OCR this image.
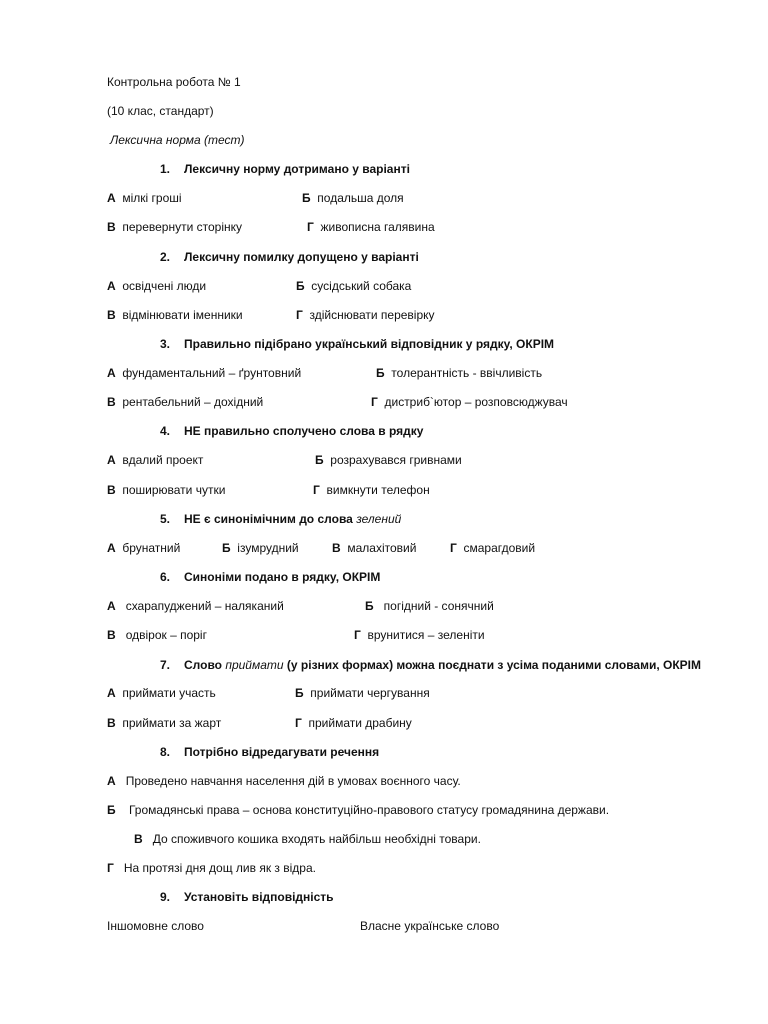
Контрольна робота № 1
(10 клас, стандарт)
Лексична норма (тест)
1. Лексичну норму дотримано у варіанті
А мілкі гроші	Б подальша доля
В перевернути сторінку	Г живописна галявина
2. Лексичну помилку допущено у варіанті
А освідчені люди	Б сусідський собака
В відмінювати іменники	Г здійснювати перевірку
3. Правильно підібрано український відповідник у рядку, ОКРІМ
А фундаментальний – ґрунтовний	Б толерантність - ввічливість
В рентабельний – дохідний	Г дистриб`ютор – розповсюджувач
4. НЕ правильно сполучено слова в рядку
А вдалий проект	Б розрахувався гривнами
В поширювати чутки	Г вимкнути телефон
5. НЕ є синонімічним до слова зелений
А брунатний	Б ізумрудний	В малахітовий	Г смарагдовий
6. Синоніми подано в рядку, ОКРІМ
А схарапуджений – наляканий	Б погідний - сонячний
В одвірок – поріг	Г врунитися – зеленіти
7. Слово приймати (у різних формах) можна поєднати з усіма поданими словами, ОКРІМ
А приймати участь	Б приймати чергування
В приймати за жарт	Г приймати драбину
8. Потрібно відредагувати речення
А Проведено навчання населення дій в умовах воєнного часу.
Б Громадянські права – основа конституційно-правового статусу громадянина держави.
В До споживчого кошика входять найбільш необхідні товари.
Г На протязі дня дощ лив як з відра.
9. Установіть відповідність
Іншомовне слово	Власне українське слово
